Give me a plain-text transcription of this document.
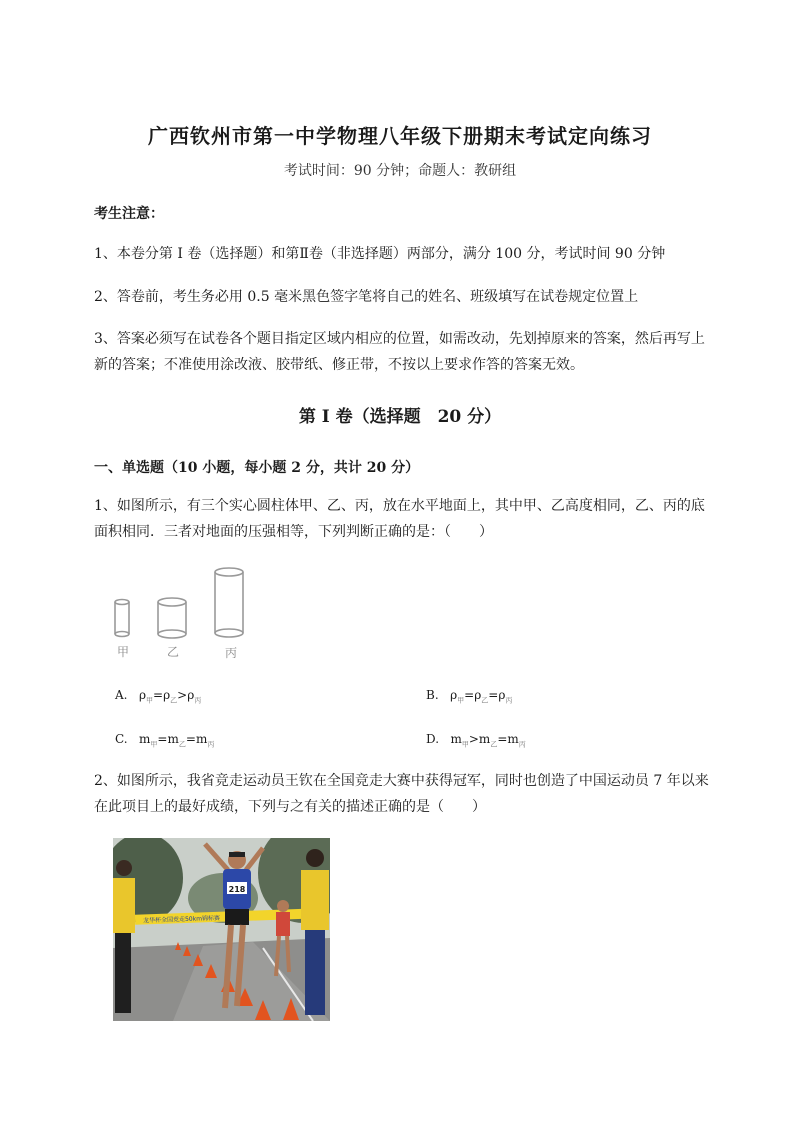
广西钦州市第一中学物理八年级下册期末考试定向练习
考试时间：90 分钟；命题人：教研组
考生注意：
1、本卷分第 I 卷（选择题）和第Ⅱ卷（非选择题）两部分，满分 100 分，考试时间 90 分钟
2、答卷前，考生务必用 0.5 毫米黑色签字笔将自己的姓名、班级填写在试卷规定位置上
3、答案必须写在试卷各个题目指定区域内相应的位置，如需改动，先划掉原来的答案，然后再写上新的答案；不准使用涂改液、胶带纸、修正带，不按以上要求作答的答案无效。
第 I 卷（选择题　20 分）
一、单选题（10 小题，每小题 2 分，共计 20 分）
1、如图所示，有三个实心圆柱体甲、乙、丙，放在水平地面上，其中甲、乙高度相同，乙、丙的底面积相同．三者对地面的压强相等，下列判断正确的是：（　　）
甲	乙	丙
A. $\rho_甲=\rho_乙>\rho_丙$	B. $\rho_甲=\rho_乙=\rho_丙$
C. $m_甲=m_乙=m_丙$	D. $m_甲>m_乙=m_丙$
2、如图所示，我省竞走运动员王钦在全国竞走大赛中获得冠军，同时也创造了中国运动员 7 年以来在此项目上的最好成绩，下列与之有关的描述正确的是（　　）
龙华杯全国竞走50km锦标赛
218
